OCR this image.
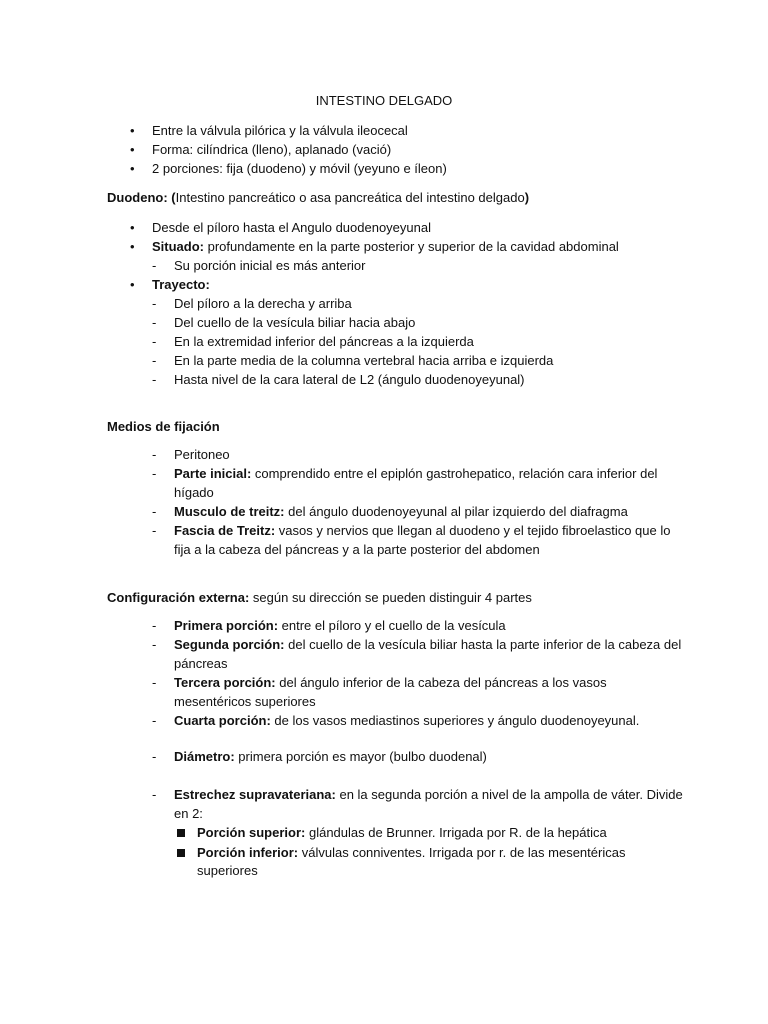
INTESTINO DELGADO
• Entre la válvula pilórica y la válvula ileocecal
• Forma: cilíndrica (lleno), aplanado (vació)
• 2 porciones: fija (duodeno) y móvil (yeyuno e íleon)
Duodeno: (Intestino pancreático o asa pancreática del intestino delgado)
• Desde el píloro hasta el Angulo duodenoyeyunal
• Situado: profundamente en la parte posterior y superior de la cavidad abdominal
- Su porción inicial es más anterior
• Trayecto:
- Del píloro a la derecha y arriba
- Del cuello de la vesícula biliar hacia abajo
- En la extremidad inferior del páncreas a la izquierda
- En la parte media de la columna vertebral hacia arriba e izquierda
- Hasta nivel de la cara lateral de L2 (ángulo duodenoyeyunal)
Medios de fijación
- Peritoneo
- Parte inicial: comprendido entre el epiplón gastrohepatico, relación cara inferior del
hígado
- Musculo de treitz: del ángulo duodenoyeyunal al pilar izquierdo del diafragma
- Fascia de Treitz: vasos y nervios que llegan al duodeno y el tejido fibroelastico que lo
fija a la cabeza del páncreas y a la parte posterior del abdomen
Configuración externa: según su dirección se pueden distinguir 4 partes
- Primera porción: entre el píloro y el cuello de la vesícula
- Segunda porción: del cuello de la vesícula biliar hasta la parte inferior de la cabeza del
páncreas
- Tercera porción: del ángulo inferior de la cabeza del páncreas a los vasos
mesentéricos superiores
- Cuarta porción: de los vasos mediastinos superiores y ángulo duodenoyeyunal.
- Diámetro: primera porción es mayor (bulbo duodenal)
- Estrechez supravateriana: en la segunda porción a nivel de la ampolla de váter. Divide
en 2:
Porción superior: glándulas de Brunner. Irrigada por R. de la hepática
Porción inferior: válvulas conniventes. Irrigada por r. de las mesentéricas
superiores
